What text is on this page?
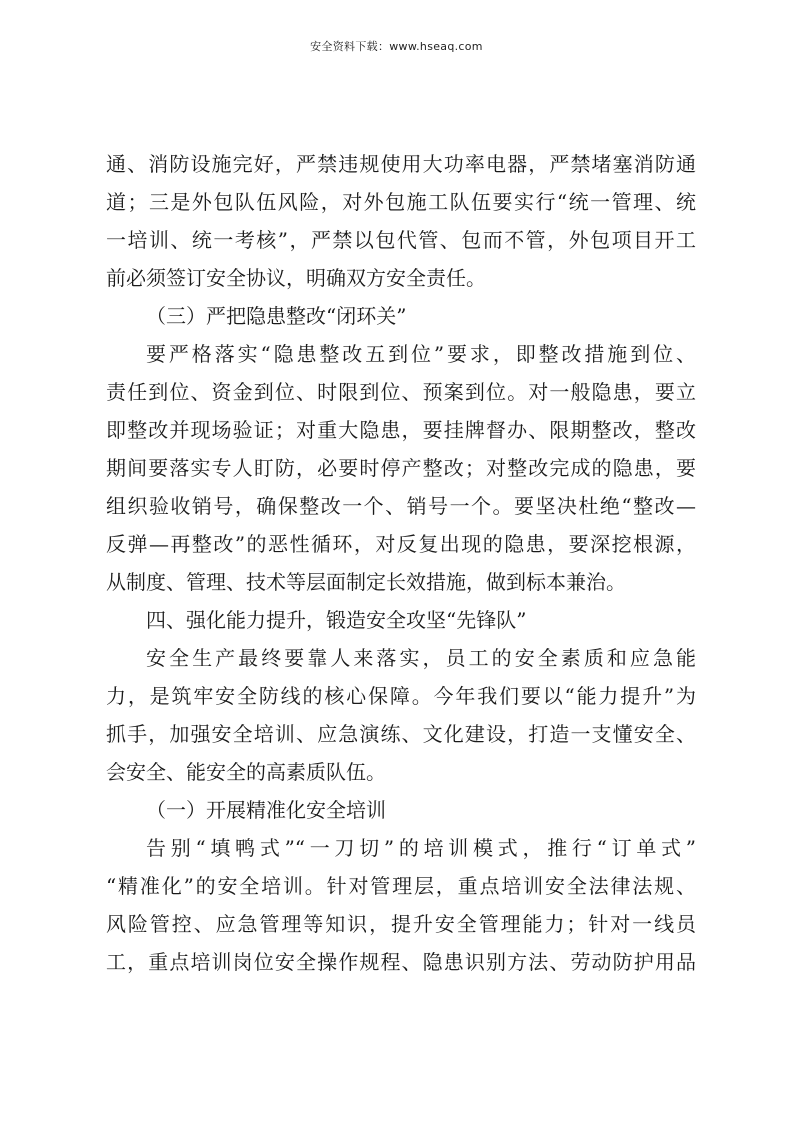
安全资料下载：www.hseaq.com
通、消防设施完好，严禁违规使用大功率电器，严禁堵塞消防通
道；三是外包队伍风险，对外包施工队伍要实行“统一管理、统
一培训、统一考核”，严禁以包代管、包而不管，外包项目开工
前必须签订安全协议，明确双方安全责任。
（三）严把隐患整改“闭环关”
要严格落实“隐患整改五到位”要求，即整改措施到位、
责任到位、资金到位、时限到位、预案到位。对一般隐患，要立
即整改并现场验证；对重大隐患，要挂牌督办、限期整改，整改
期间要落实专人盯防，必要时停产整改；对整改完成的隐患，要
组织验收销号，确保整改一个、销号一个。要坚决杜绝“整改—
反弹—再整改”的恶性循环，对反复出现的隐患，要深挖根源，
从制度、管理、技术等层面制定长效措施，做到标本兼治。
四、强化能力提升，锻造安全攻坚“先锋队”
安全生产最终要靠人来落实，员工的安全素质和应急能
力，是筑牢安全防线的核心保障。今年我们要以“能力提升”为
抓手，加强安全培训、应急演练、文化建设，打造一支懂安全、
会安全、能安全的高素质队伍。
（一）开展精准化安全培训
告别“填鸭式”“一刀切”的培训模式，推行“订单式”
“精准化”的安全培训。针对管理层，重点培训安全法律法规、
风险管控、应急管理等知识，提升安全管理能力；针对一线员
工，重点培训岗位安全操作规程、隐患识别方法、劳动防护用品
